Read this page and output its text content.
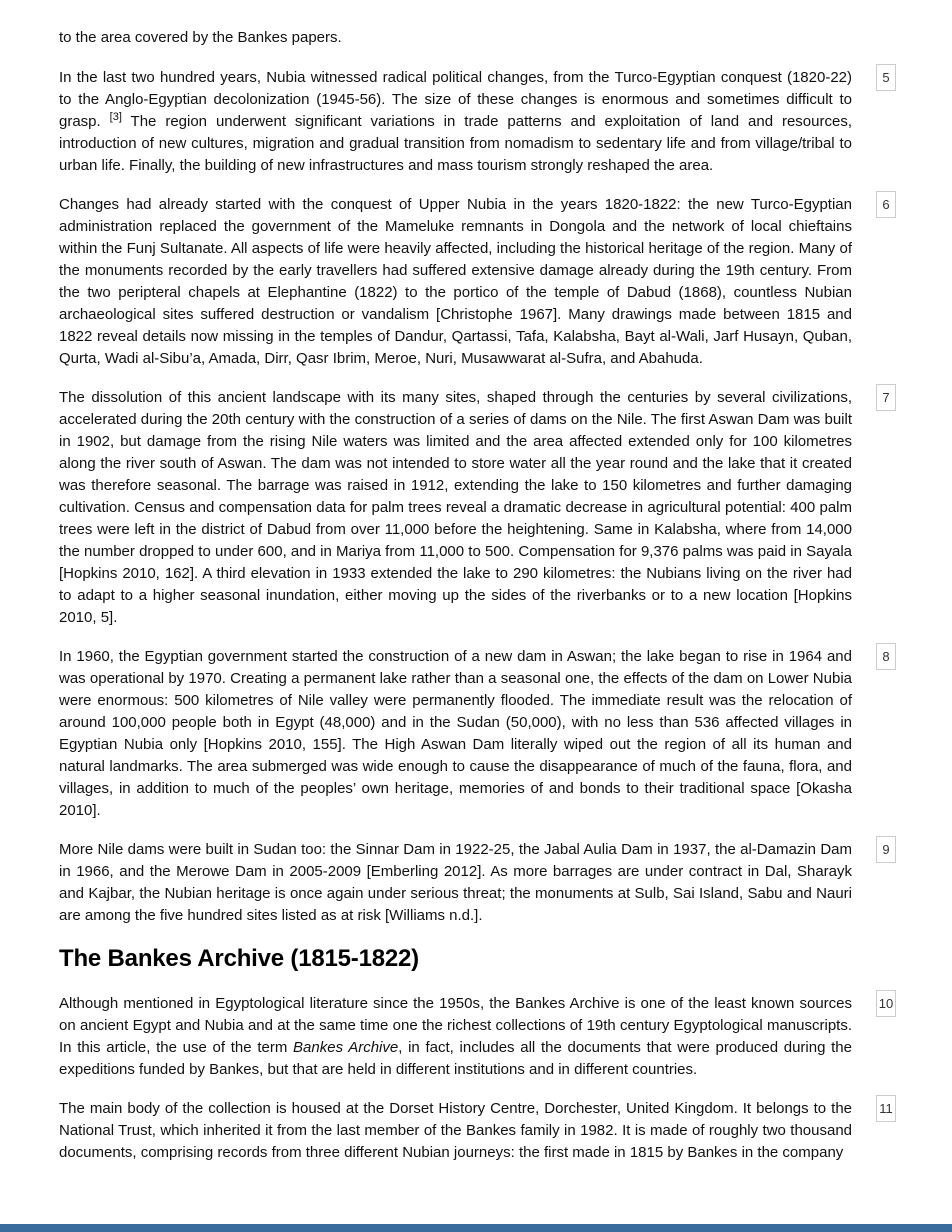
to the area covered by the Bankes papers.

In the last two hundred years, Nubia witnessed radical political changes, from the Turco-Egyptian conquest (1820-22) to the Anglo-Egyptian decolonization (1945-56). The size of these changes is enormous and sometimes difficult to grasp. [3] The region underwent significant variations in trade patterns and exploitation of land and resources, introduction of new cultures, migration and gradual transition from nomadism to sedentary life and from village/tribal to urban life. Finally, the building of new infrastructures and mass tourism strongly reshaped the area.

5

Changes had already started with the conquest of Upper Nubia in the years 1820-1822: the new Turco-Egyptian administration replaced the government of the Mameluke remnants in Dongola and the network of local chieftains within the Funj Sultanate. All aspects of life were heavily affected, including the historical heritage of the region. Many of the monuments recorded by the early travellers had suffered extensive damage already during the 19th century. From the two peripteral chapels at Elephantine (1822) to the portico of the temple of Dabud (1868), countless Nubian archaeological sites suffered destruction or vandalism [Christophe 1967]. Many drawings made between 1815 and 1822 reveal details now missing in the temples of Dandur, Qartassi, Tafa, Kalabsha, Bayt al-Wali, Jarf Husayn, Quban, Qurta, Wadi al-Sibu’a, Amada, Dirr, Qasr Ibrim, Meroe, Nuri, Musawwarat al-Sufra, and Abahuda.

6

The dissolution of this ancient landscape with its many sites, shaped through the centuries by several civilizations, accelerated during the 20th century with the construction of a series of dams on the Nile. The first Aswan Dam was built in 1902, but damage from the rising Nile waters was limited and the area affected extended only for 100 kilometres along the river south of Aswan. The dam was not intended to store water all the year round and the lake that it created was therefore seasonal. The barrage was raised in 1912, extending the lake to 150 kilometres and further damaging cultivation. Census and compensation data for palm trees reveal a dramatic decrease in agricultural potential: 400 palm trees were left in the district of Dabud from over 11,000 before the heightening. Same in Kalabsha, where from 14,000 the number dropped to under 600, and in Mariya from 11,000 to 500. Compensation for 9,376 palms was paid in Sayala [Hopkins 2010, 162]. A third elevation in 1933 extended the lake to 290 kilometres: the Nubians living on the river had to adapt to a higher seasonal inundation, either moving up the sides of the riverbanks or to a new location [Hopkins 2010, 5].

7

In 1960, the Egyptian government started the construction of a new dam in Aswan; the lake began to rise in 1964 and was operational by 1970. Creating a permanent lake rather than a seasonal one, the effects of the dam on Lower Nubia were enormous: 500 kilometres of Nile valley were permanently flooded. The immediate result was the relocation of around 100,000 people both in Egypt (48,000) and in the Sudan (50,000), with no less than 536 affected villages in Egyptian Nubia only [Hopkins 2010, 155]. The High Aswan Dam literally wiped out the region of all its human and natural landmarks. The area submerged was wide enough to cause the disappearance of much of the fauna, flora, and villages, in addition to much of the peoples’ own heritage, memories of and bonds to their traditional space [Okasha 2010].

8

More Nile dams were built in Sudan too: the Sinnar Dam in 1922-25, the Jabal Aulia Dam in 1937, the al-Damazin Dam in 1966, and the Merowe Dam in 2005-2009 [Emberling 2012]. As more barrages are under contract in Dal, Sharayk and Kajbar, the Nubian heritage is once again under serious threat; the monuments at Sulb, Sai Island, Sabu and Nauri are among the five hundred sites listed as at risk [Williams n.d.].

9
The Bankes Archive (1815-1822)

Although mentioned in Egyptological literature since the 1950s, the Bankes Archive is one of the least known sources on ancient Egypt and Nubia and at the same time one the richest collections of 19th century Egyptological manuscripts. In this article, the use of the term Bankes Archive, in fact, includes all the documents that were produced during the expeditions funded by Bankes, but that are held in different institutions and in different countries.

10

The main body of the collection is housed at the Dorset History Centre, Dorchester, United Kingdom. It belongs to the National Trust, which inherited it from the last member of the Bankes family in 1982. It is made of roughly two thousand documents, comprising records from three different Nubian journeys: the first made in 1815 by Bankes in the company

11
